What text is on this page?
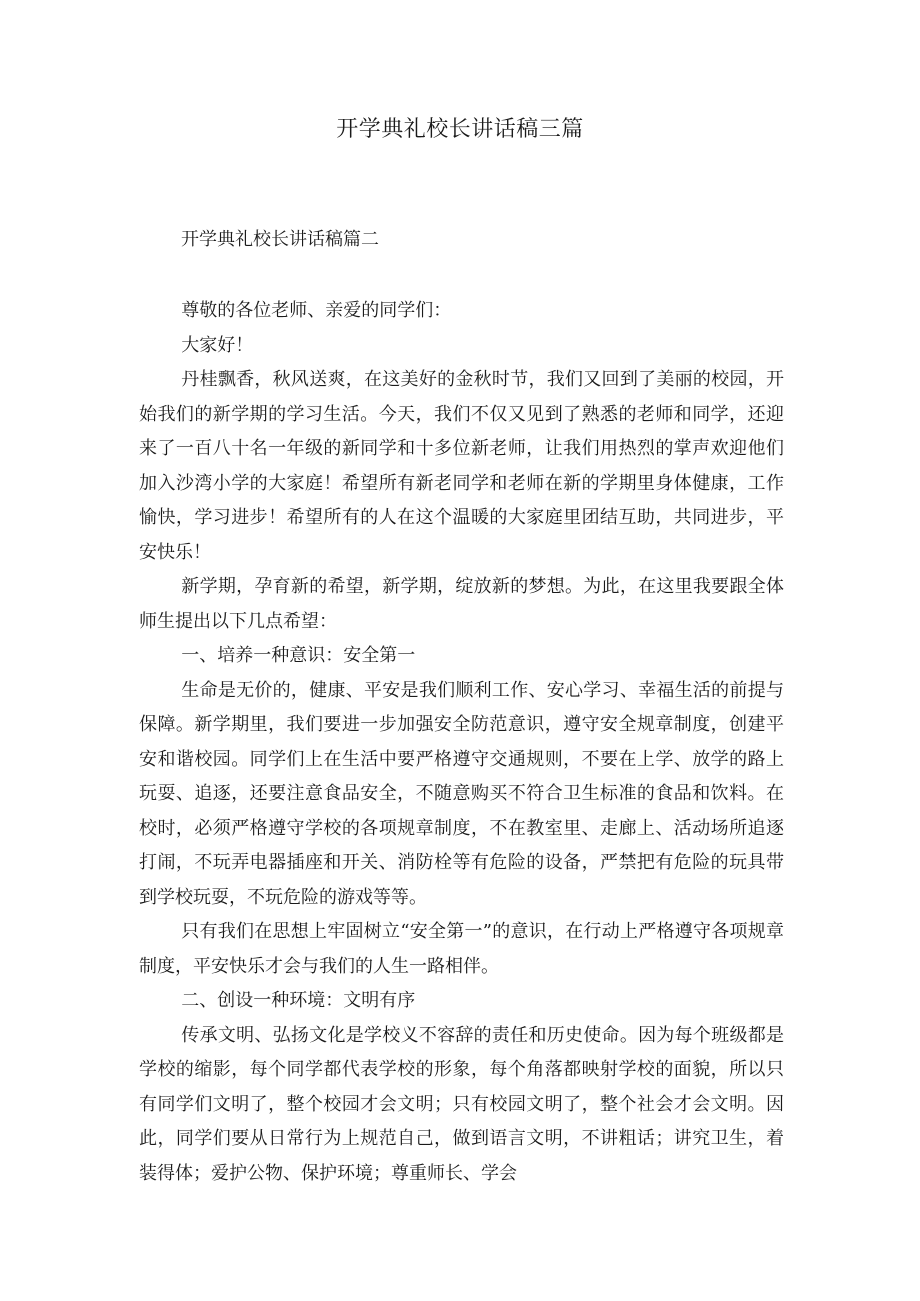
开学典礼校长讲话稿三篇
开学典礼校长讲话稿篇二

尊敬的各位老师、亲爱的同学们：

大家好！

丹桂飘香，秋风送爽，在这美好的金秋时节，我们又回到了美丽的校园，开始我们的新学期的学习生活。今天，我们不仅又见到了熟悉的老师和同学，还迎来了一百八十名一年级的新同学和十多位新老师，让我们用热烈的掌声欢迎他们加入沙湾小学的大家庭！希望所有新老同学和老师在新的学期里身体健康，工作愉快，学习进步！希望所有的人在这个温暖的大家庭里团结互助，共同进步，平安快乐！

新学期，孕育新的希望，新学期，绽放新的梦想。为此，在这里我要跟全体师生提出以下几点希望：

一、培养一种意识：安全第一

生命是无价的，健康、平安是我们顺利工作、安心学习、幸福生活的前提与保障。新学期里，我们要进一步加强安全防范意识，遵守安全规章制度，创建平安和谐校园。同学们上在生活中要严格遵守交通规则，不要在上学、放学的路上玩耍、追逐，还要注意食品安全，不随意购买不符合卫生标准的食品和饮料。在校时，必须严格遵守学校的各项规章制度，不在教室里、走廊上、活动场所追逐打闹，不玩弄电器插座和开关、消防栓等有危险的设备，严禁把有危险的玩具带到学校玩耍，不玩危险的游戏等等。

只有我们在思想上牢固树立“安全第一”的意识，在行动上严格遵守各项规章制度，平安快乐才会与我们的人生一路相伴。

二、创设一种环境：文明有序

传承文明、弘扬文化是学校义不容辞的责任和历史使命。因为每个班级都是学校的缩影，每个同学都代表学校的形象，每个角落都映射学校的面貌，所以只有同学们文明了，整个校园才会文明；只有校园文明了，整个社会才会文明。因此，同学们要从日常行为上规范自己，做到语言文明，不讲粗话；讲究卫生，着装得体；爱护公物、保护环境；尊重师长、学会
